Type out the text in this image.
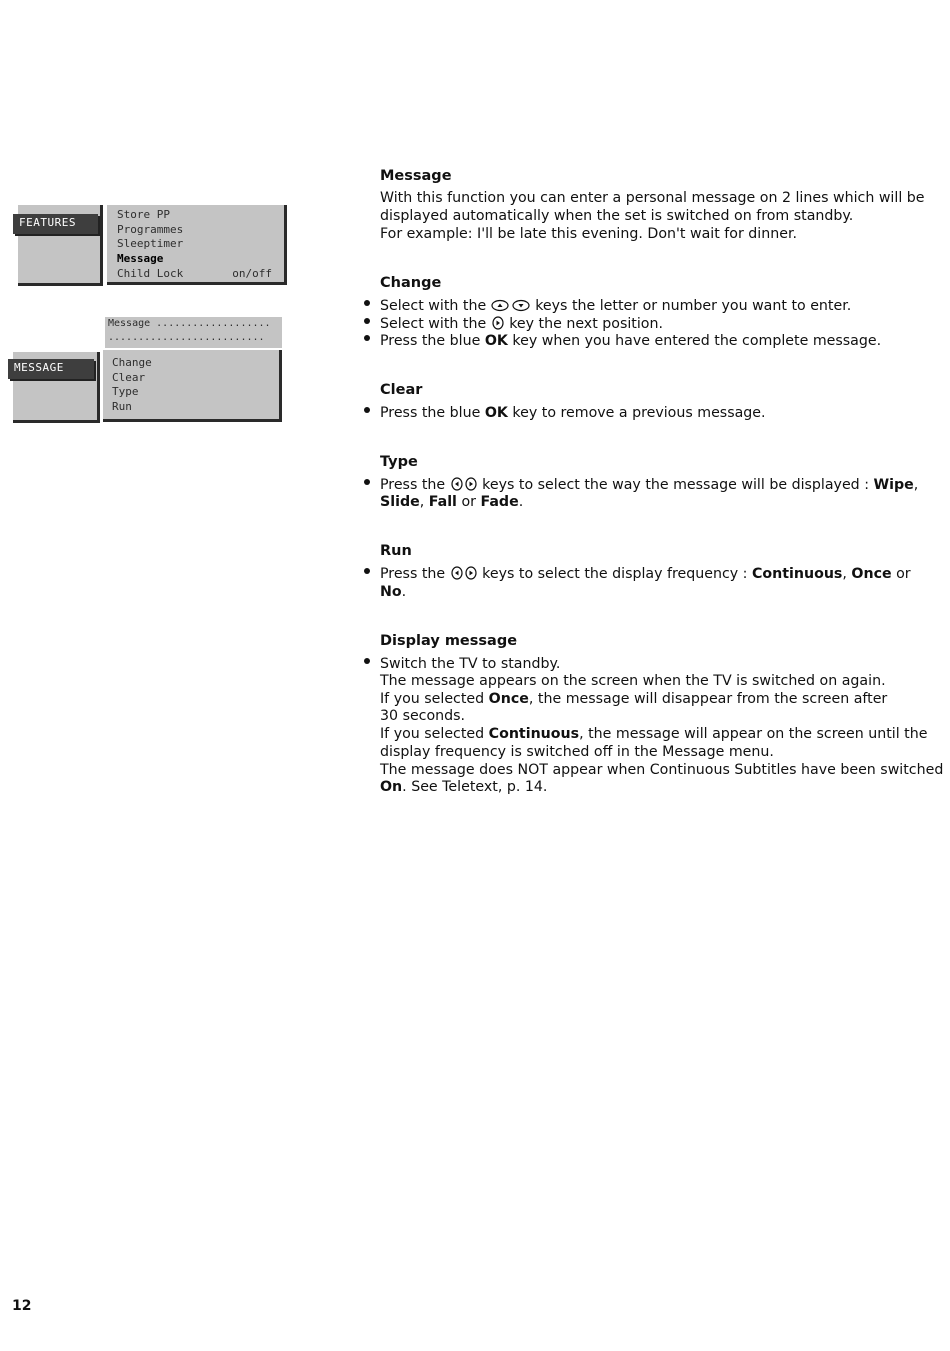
FEATURES
Store PP
Programmes
Sleeptimer
Message
Child Lock	on/off
Message ...................
..........................
MESSAGE	Change
Clear
Type
Run
Message
With this function you can enter a personal message on 2 lines which will be
displayed automatically when the set is switched on from standby.
For example: I'll be late this evening. Don't wait for dinner.
Change
Select with the	keys the letter or number you want to enter.
Select with the key the next position.
Press the blue OK key when you have entered the complete message.
Clear
Press the blue OK key to remove a previous message.
Type
Press the	keys to select the way the message will be displayed : Wipe,
Slide, Fall or Fade.
Run
Press the	keys to select the display frequency : Continuous, Once or
No.
Display message
Switch the TV to standby.
The message appears on the screen when the TV is switched on again.
If you selected Once, the message will disappear from the screen after
30 seconds.
If you selected Continuous, the message will appear on the screen until the
display frequency is switched off in the Message menu.
The message does NOT appear when Continuous Subtitles have been switched
On. See Teletext, p. 14.
12
